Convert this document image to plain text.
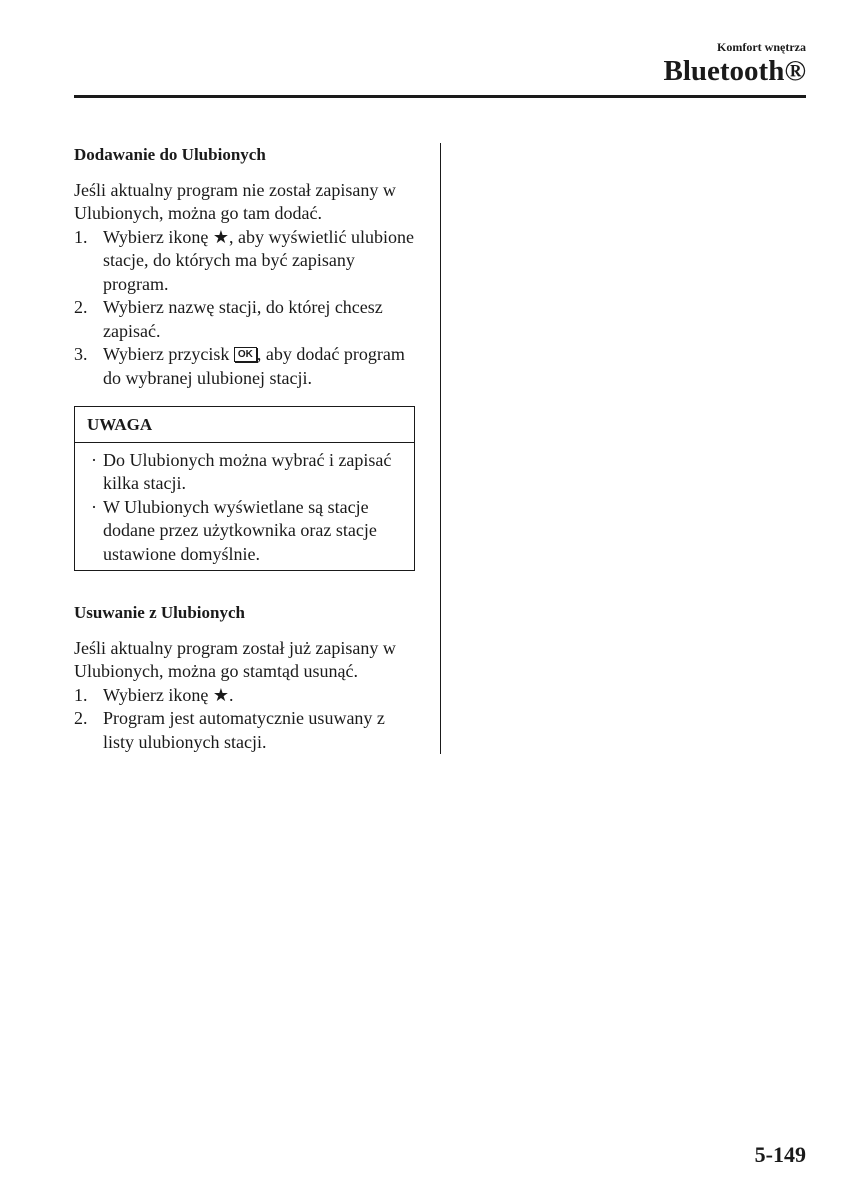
Komfort wnętrza
Bluetooth®
Dodawanie do Ulubionych

Jeśli aktualny program nie został zapisany w Ulubionych, można go tam dodać.

1. Wybierz ikonę ★, aby wyświetlić ulubione stacje, do których ma być zapisany program.
2. Wybierz nazwę stacji, do której chcesz zapisać.
3. Wybierz przycisk OK , aby dodać program do wybranej ulubionej stacji.
UWAGA
· Do Ulubionych można wybrać i zapisać kilka stacji.
· W Ulubionych wyświetlane są stacje dodane przez użytkownika oraz stacje ustawione domyślnie.
Usuwanie z Ulubionych

Jeśli aktualny program został już zapisany w Ulubionych, można go stamtąd usunąć.

1. Wybierz ikonę ★.
2. Program jest automatycznie usuwany z listy ulubionych stacji.
5-149
